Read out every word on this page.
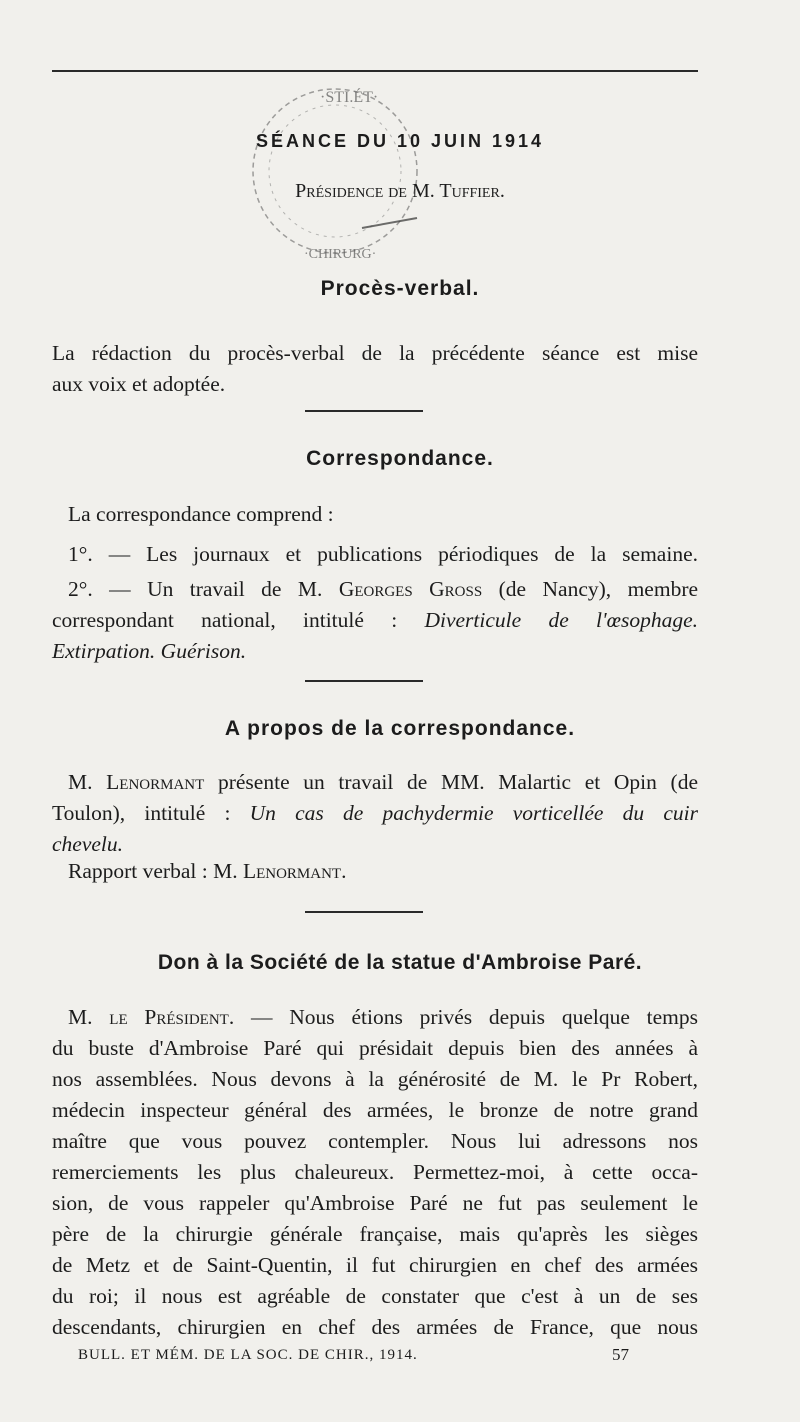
·STI.ÉT·
·CHIRURG·
SÉANCE DU 10 JUIN 1914
Présidence de M. Tuffier.
Procès-verbal.
La rédaction du procès-verbal de la précédente séance est mise
aux voix et adoptée.
Correspondance.
La correspondance comprend :
1°. — Les journaux et publications périodiques de la semaine.
2°. — Un travail de M. Georges Gross (de Nancy), membre
correspondant national, intitulé : Diverticule de l'œsophage.
Extirpation. Guérison.
A propos de la correspondance.
M. Lenormant présente un travail de MM. Malartic et Opin (de
Toulon), intitulé : Un cas de pachydermie vorticellée du cuir
chevelu.
Rapport verbal : M. Lenormant.
Don à la Société de la statue d'Ambroise Paré.
M. le Président. — Nous étions privés depuis quelque temps
du buste d'Ambroise Paré qui présidait depuis bien des années à
nos assemblées. Nous devons à la générosité de M. le Pr Robert,
médecin inspecteur général des armées, le bronze de notre grand
maître que vous pouvez contempler. Nous lui adressons nos
remerciements les plus chaleureux. Permettez-moi, à cette occa-
sion, de vous rappeler qu'Ambroise Paré ne fut pas seulement le
père de la chirurgie générale française, mais qu'après les sièges
de Metz et de Saint-Quentin, il fut chirurgien en chef des armées
du roi; il nous est agréable de constater que c'est à un de ses
descendants, chirurgien en chef des armées de France, que nous
BULL. ET MÉM. DE LA SOC. DE CHIR., 1914.	57
